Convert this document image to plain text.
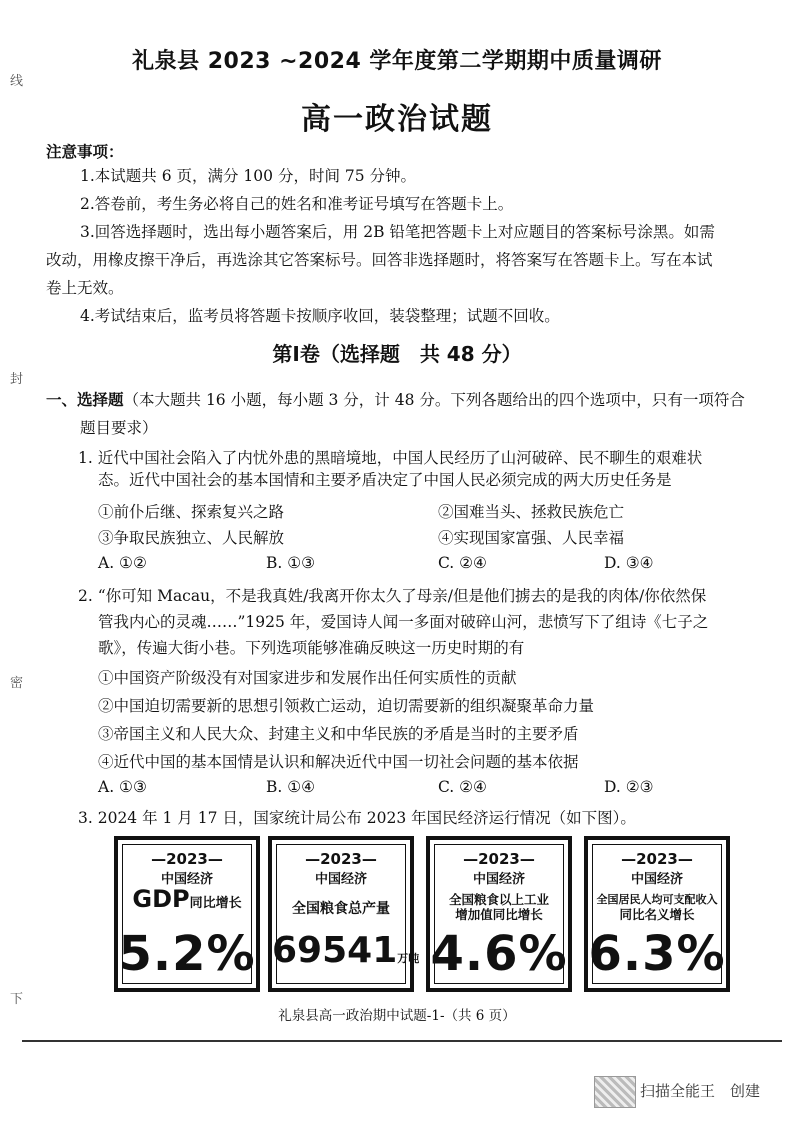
线
封
密
下
礼泉县 2023 ~2024 学年度第二学期期中质量调研
高一政治试题
注意事项：
1.本试题共 6 页，满分 100 分，时间 75 分钟。
2.答卷前，考生务必将自己的姓名和准考证号填写在答题卡上。
3.回答选择题时，选出每小题答案后，用 2B 铅笔把答题卡上对应题目的答案标号涂黑。如需
改动，用橡皮擦干净后，再选涂其它答案标号。回答非选择题时，将答案写在答题卡上。写在本试
卷上无效。
4.考试结束后，监考员将答题卡按顺序收回，装袋整理；试题不回收。
第Ⅰ卷（选择题　共 48 分）
一、选择题（本大题共 16 小题，每小题 3 分，计 48 分。下列各题给出的四个选项中，只有一项符合
题目要求）
1. 近代中国社会陷入了内忧外患的黑暗境地，中国人民经历了山河破碎、民不聊生的艰难状
态。近代中国社会的基本国情和主要矛盾决定了中国人民必须完成的两大历史任务是
①前仆后继、探索复兴之路	②国难当头、拯救民族危亡
③争取民族独立、人民解放	④实现国家富强、人民幸福
A. ①②	B. ①③	C. ②④	D. ③④
2. “你可知 Macau，不是我真姓/我离开你太久了母亲/但是他们掳去的是我的肉体/你依然保
管我内心的灵魂……”1925 年，爱国诗人闻一多面对破碎山河，悲愤写下了组诗《七子之
歌》，传遍大街小巷。下列选项能够准确反映这一历史时期的有
①中国资产阶级没有对国家进步和发展作出任何实质性的贡献
②中国迫切需要新的思想引领救亡运动，迫切需要新的组织凝聚革命力量
③帝国主义和人民大众、封建主义和中华民族的矛盾是当时的主要矛盾
④近代中国的基本国情是认识和解决近代中国一切社会问题的基本依据
A. ①③	B. ①④	C. ②④	D. ②③
3. 2024 年 1 月 17 日，国家统计局公布 2023 年国民经济运行情况（如下图）。
—2023—
中国经济
GDP同比增长
5.2%
—2023—
中国经济
全国粮食总产量
69541万吨
—2023—
中国经济
全国粮食以上工业
增加值同比增长
4.6%
—2023—
中国经济
全国居民人均可支配收入
同比名义增长
6.3%
礼泉县高一政治期中试题-1-（共 6 页）
扫描全能王　创建
